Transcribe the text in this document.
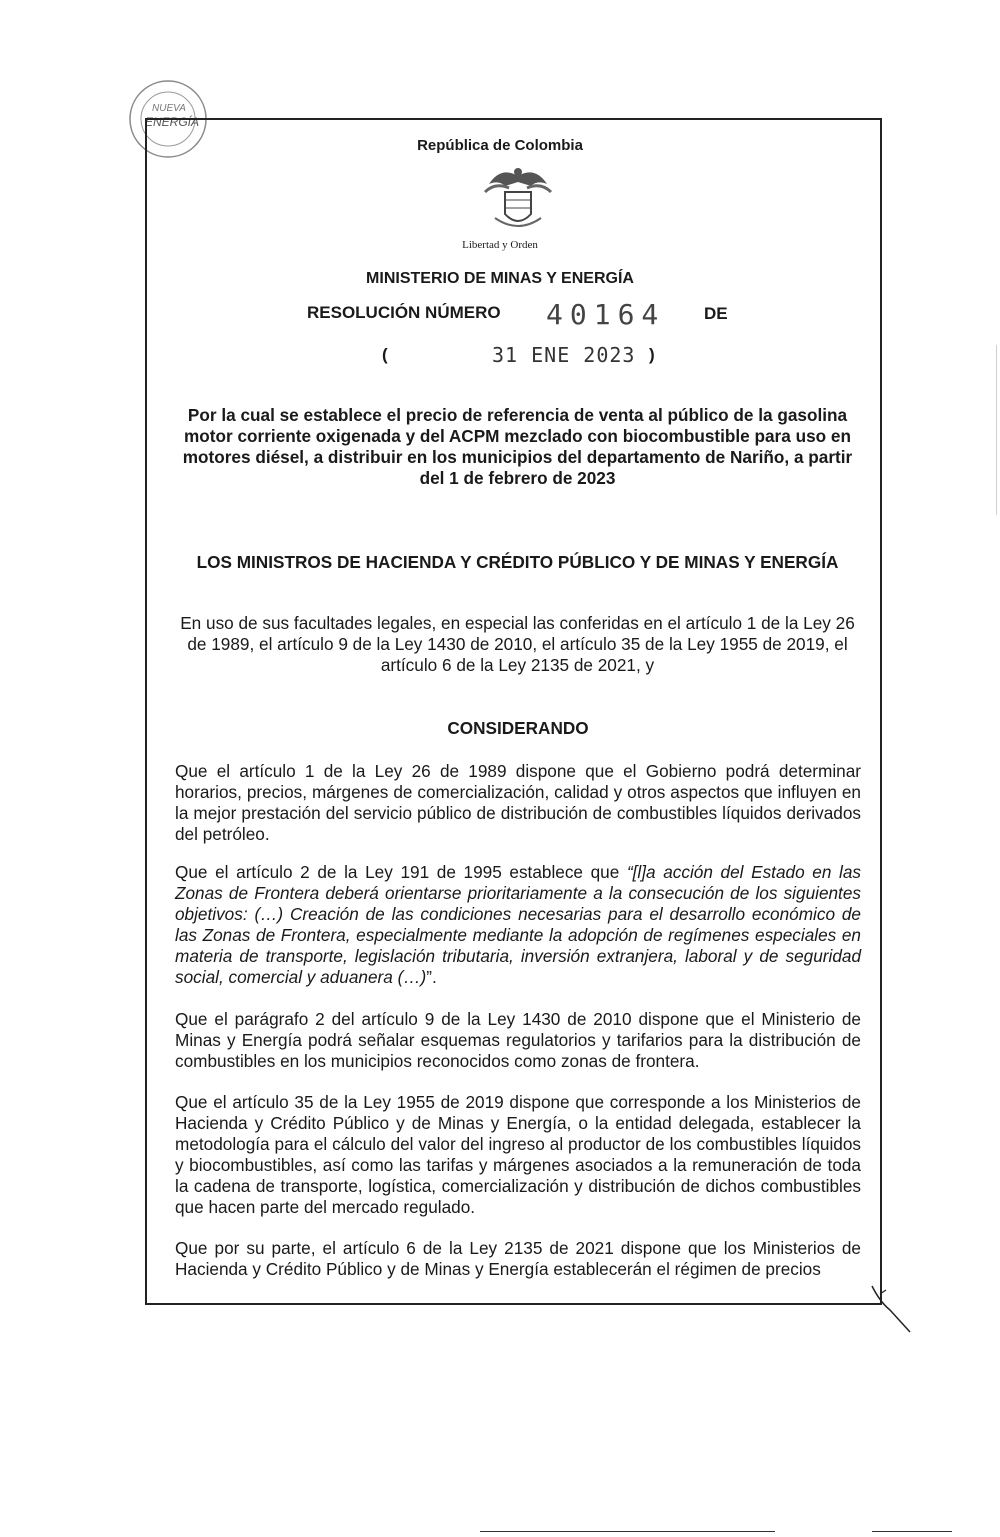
NUEVA
ENERGÍA
República de Colombia
Libertad y Orden
MINISTERIO DE MINAS Y ENERGÍA
RESOLUCIÓN NÚMERO 40164 DE
(	31 ENE 2023 )
Por la cual se establece el precio de referencia de venta al público de la gasolina motor corriente oxigenada y del ACPM mezclado con biocombustible para uso en motores diésel, a distribuir en los municipios del departamento de Nariño, a partir del 1 de febrero de 2023
LOS MINISTROS DE HACIENDA Y CRÉDITO PÚBLICO Y DE MINAS Y ENERGÍA
En uso de sus facultades legales, en especial las conferidas en el artículo 1 de la Ley 26 de 1989, el artículo 9 de la Ley 1430 de 2010, el artículo 35 de la Ley 1955 de 2019, el artículo 6 de la Ley 2135 de 2021, y
CONSIDERANDO
Que el artículo 1 de la Ley 26 de 1989 dispone que el Gobierno podrá determinar horarios, precios, márgenes de comercialización, calidad y otros aspectos que influyen en la mejor prestación del servicio público de distribución de combustibles líquidos derivados del petróleo.
Que el artículo 2 de la Ley 191 de 1995 establece que “[l]a acción del Estado en las Zonas de Frontera deberá orientarse prioritariamente a la consecución de los siguientes objetivos: (…) Creación de las condiciones necesarias para el desarrollo económico de las Zonas de Frontera, especialmente mediante la adopción de regímenes especiales en materia de transporte, legislación tributaria, inversión extranjera, laboral y de seguridad social, comercial y aduanera (…)”.
Que el parágrafo 2 del artículo 9 de la Ley 1430 de 2010 dispone que el Ministerio de Minas y Energía podrá señalar esquemas regulatorios y tarifarios para la distribución de combustibles en los municipios reconocidos como zonas de frontera.
Que el artículo 35 de la Ley 1955 de 2019 dispone que corresponde a los Ministerios de Hacienda y Crédito Público y de Minas y Energía, o la entidad delegada, establecer la metodología para el cálculo del valor del ingreso al productor de los combustibles líquidos y biocombustibles, así como las tarifas y márgenes asociados a la remuneración de toda la cadena de transporte, logística, comercialización y distribución de dichos combustibles que hacen parte del mercado regulado.
Que por su parte, el artículo 6 de la Ley 2135 de 2021 dispone que los Ministerios de Hacienda y Crédito Público y de Minas y Energía establecerán el régimen de precios
